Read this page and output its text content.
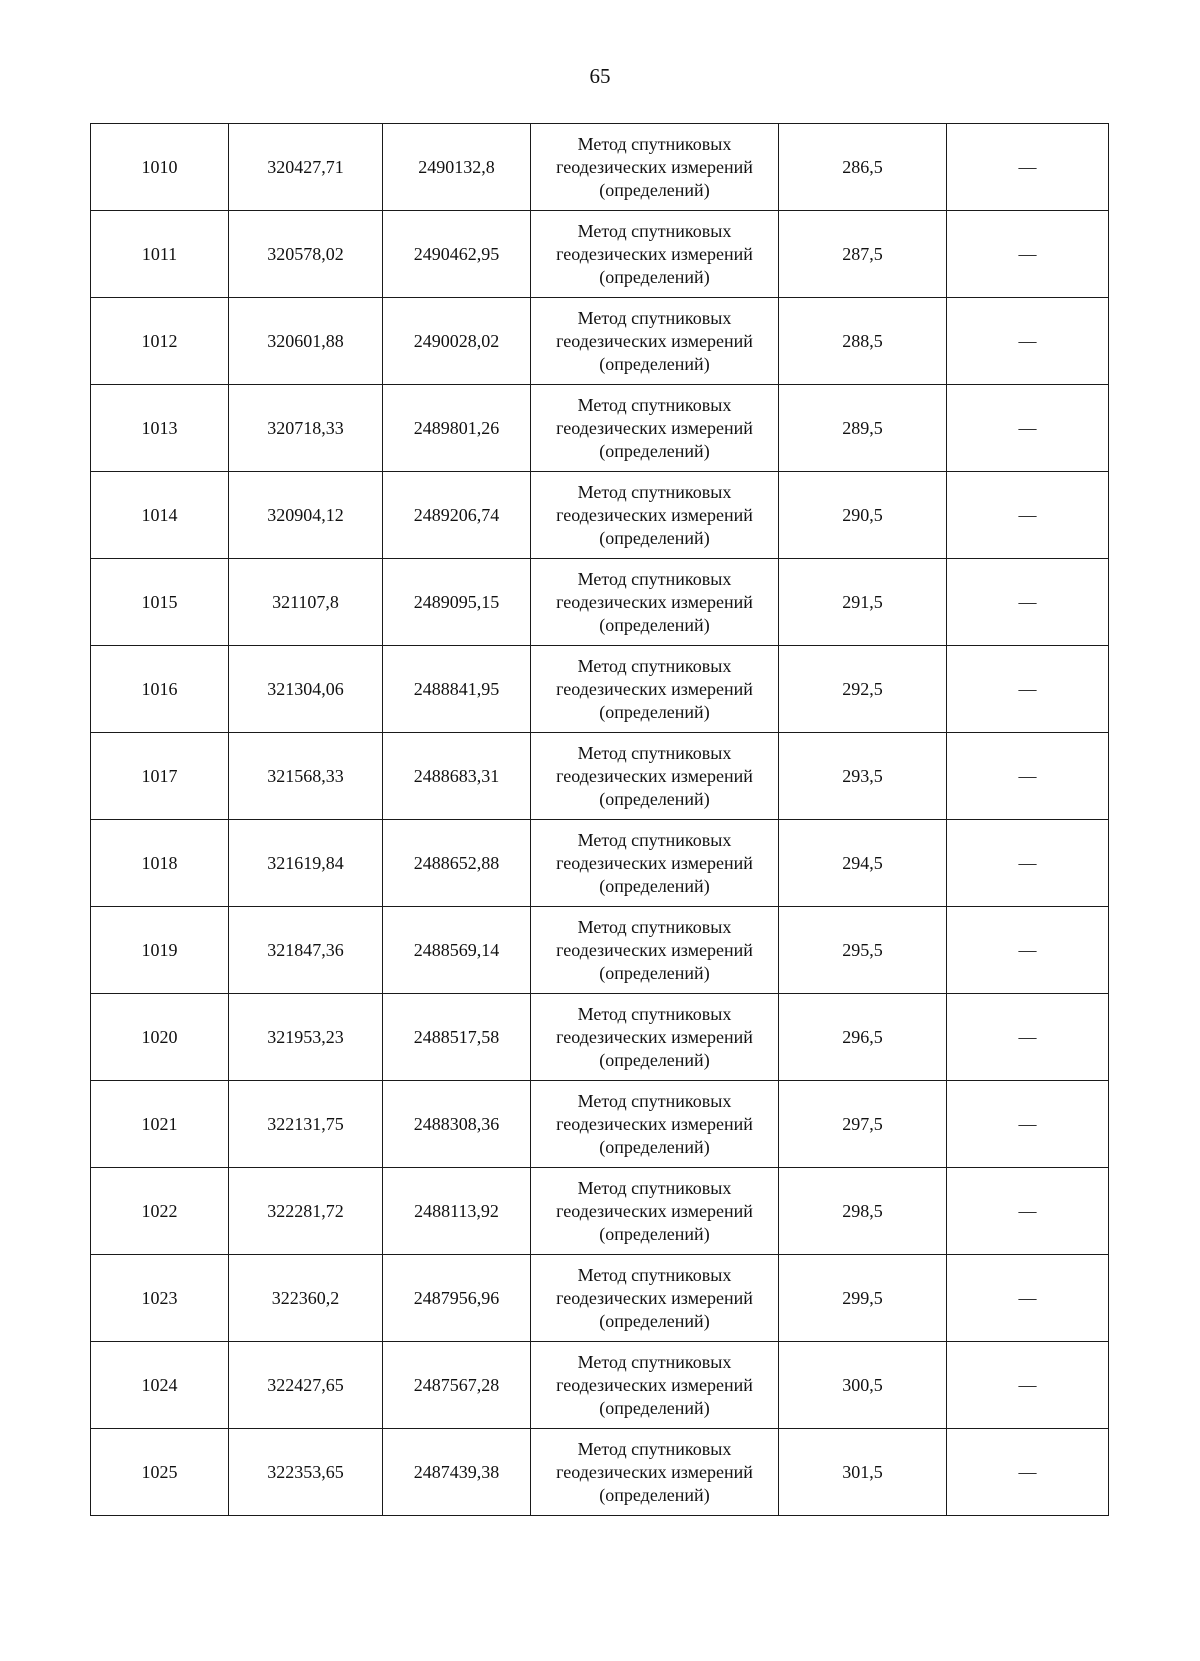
65
1010	320427,71	2490132,8	Метод спутниковых геодезических измерений (определений)	286,5	—
1011	320578,02	2490462,95	Метод спутниковых геодезических измерений (определений)	287,5	—
1012	320601,88	2490028,02	Метод спутниковых геодезических измерений (определений)	288,5	—
1013	320718,33	2489801,26	Метод спутниковых геодезических измерений (определений)	289,5	—
1014	320904,12	2489206,74	Метод спутниковых геодезических измерений (определений)	290,5	—
1015	321107,8	2489095,15	Метод спутниковых геодезических измерений (определений)	291,5	—
1016	321304,06	2488841,95	Метод спутниковых геодезических измерений (определений)	292,5	—
1017	321568,33	2488683,31	Метод спутниковых геодезических измерений (определений)	293,5	—
1018	321619,84	2488652,88	Метод спутниковых геодезических измерений (определений)	294,5	—
1019	321847,36	2488569,14	Метод спутниковых геодезических измерений (определений)	295,5	—
1020	321953,23	2488517,58	Метод спутниковых геодезических измерений (определений)	296,5	—
1021	322131,75	2488308,36	Метод спутниковых геодезических измерений (определений)	297,5	—
1022	322281,72	2488113,92	Метод спутниковых геодезических измерений (определений)	298,5	—
1023	322360,2	2487956,96	Метод спутниковых геодезических измерений (определений)	299,5	—
1024	322427,65	2487567,28	Метод спутниковых геодезических измерений (определений)	300,5	—
1025	322353,65	2487439,38	Метод спутниковых геодезических измерений (определений)	301,5	—
